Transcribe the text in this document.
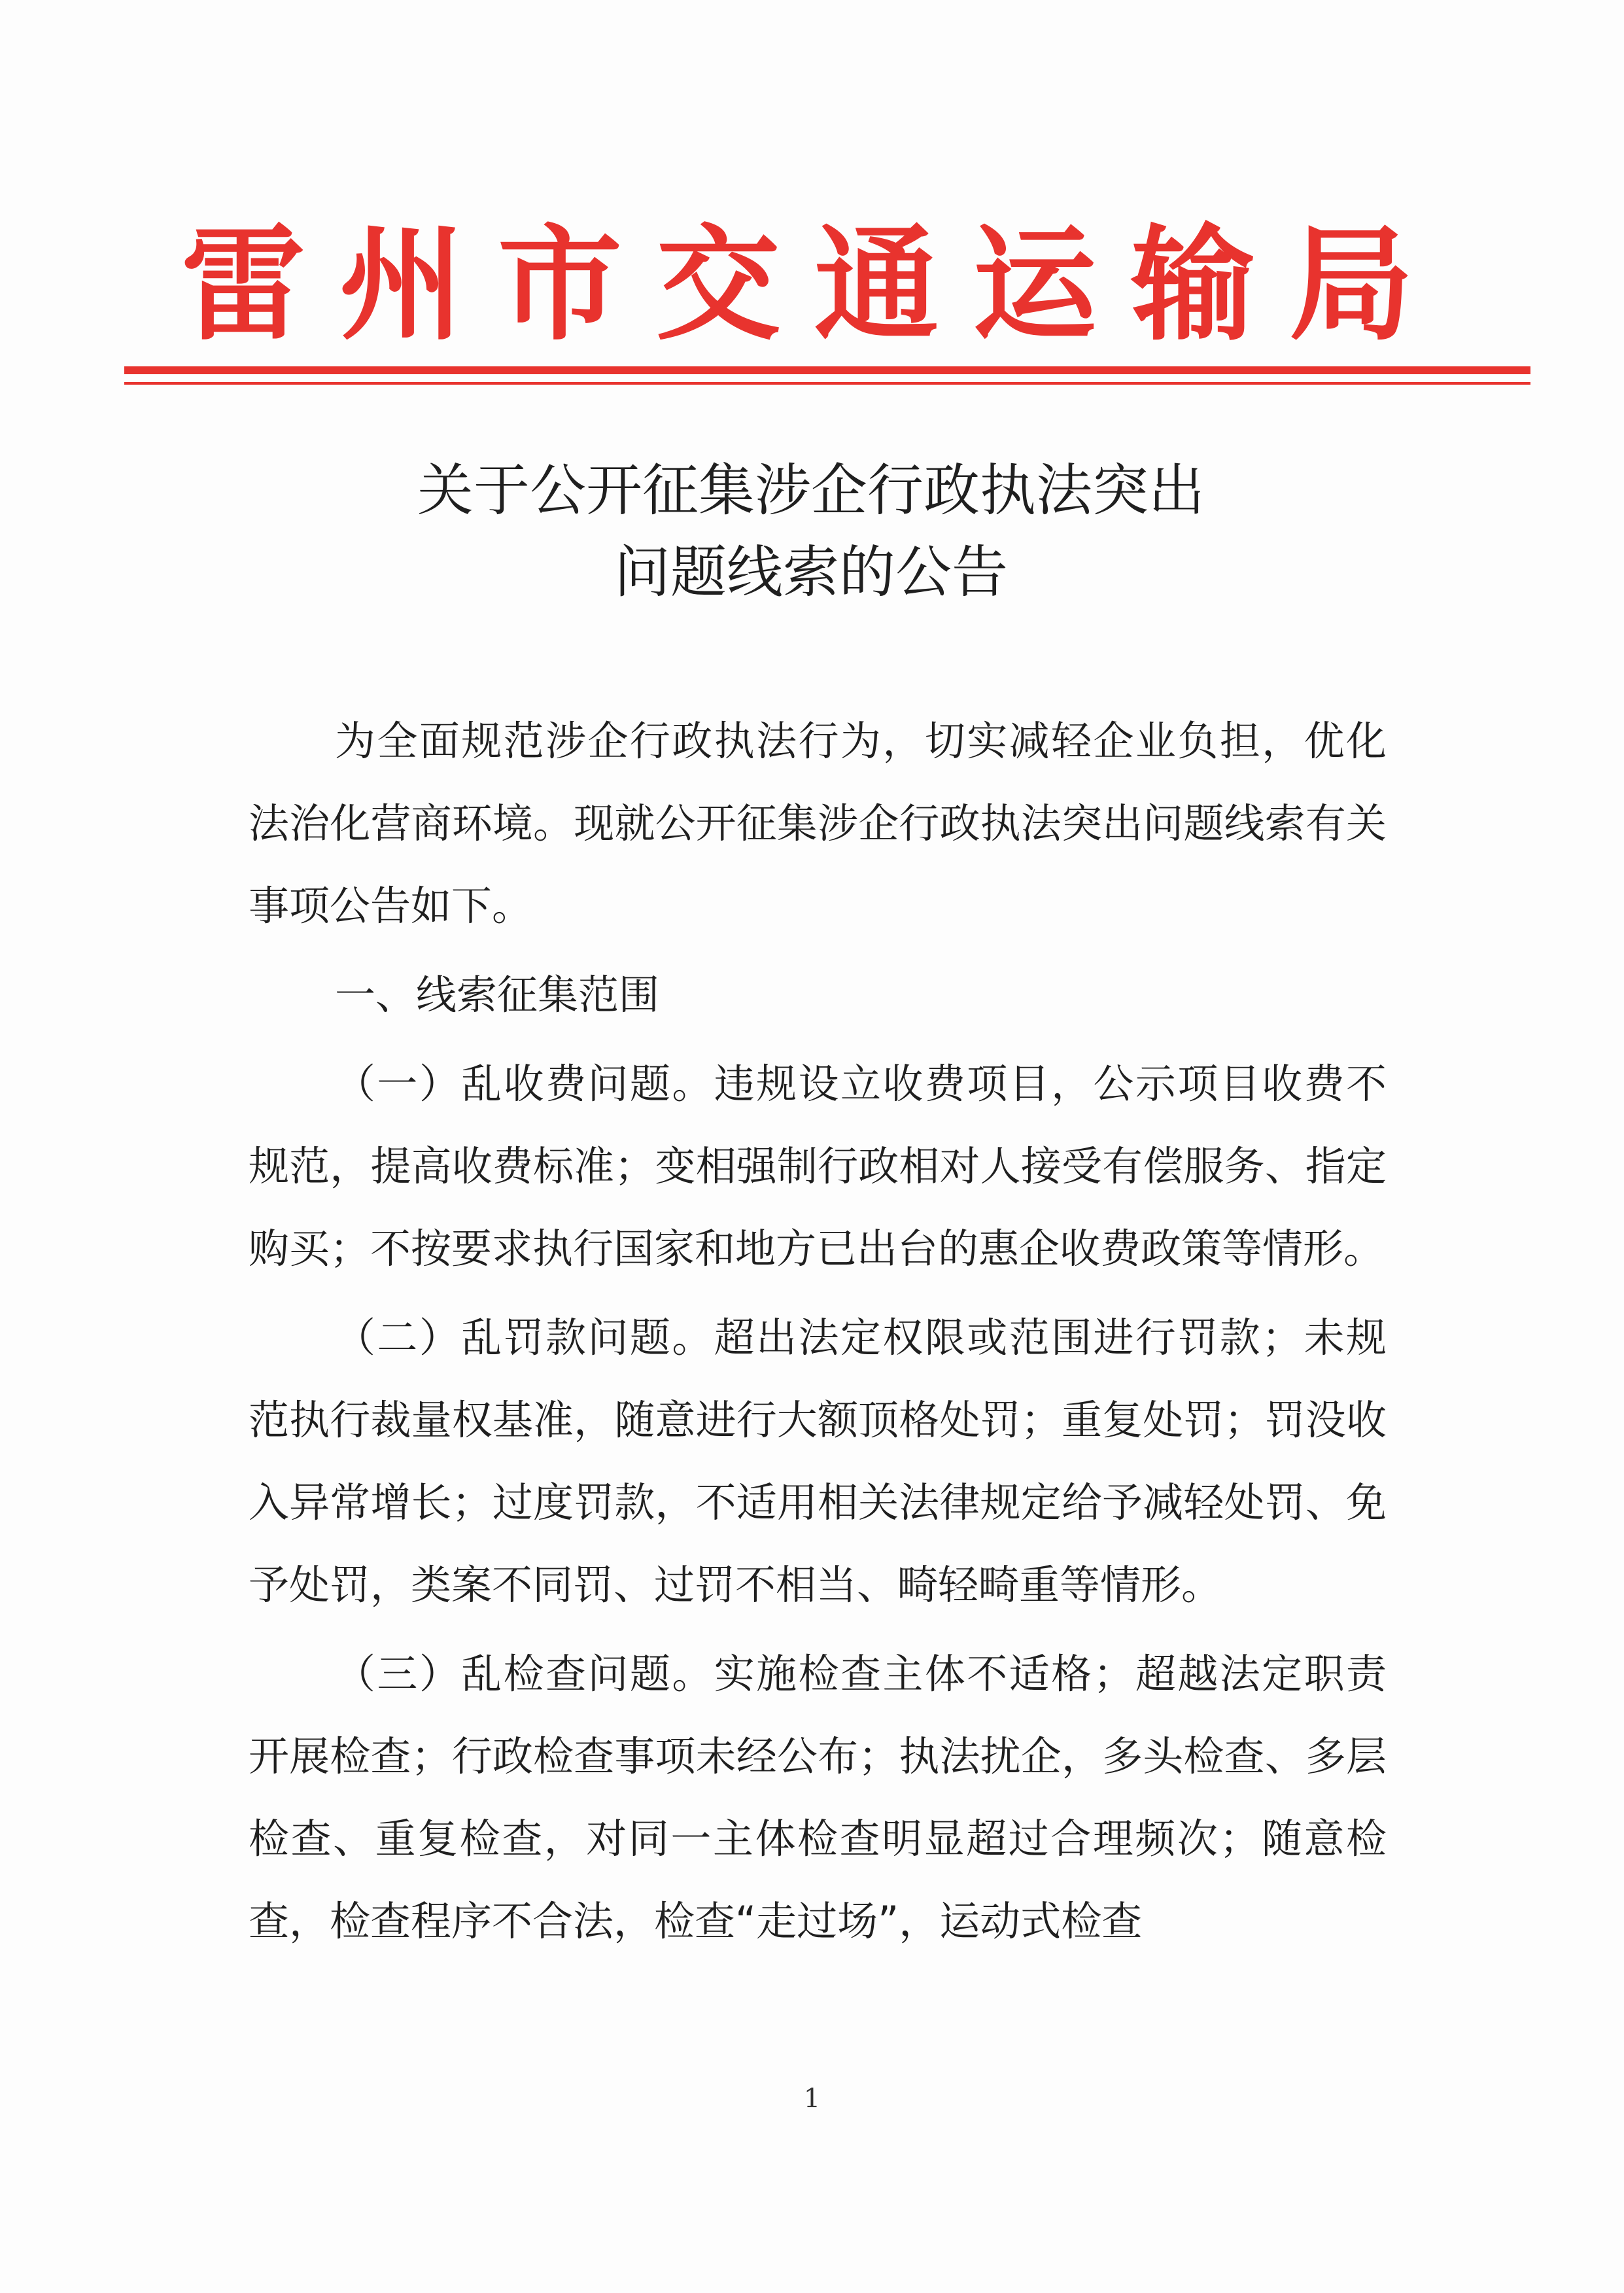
雷州市交通运输局
关于公开征集涉企行政执法突出
问题线索的公告

为全面规范涉企行政执法行为，切实减轻企业负担，优化法治化营商环境。现就公开征集涉企行政执法突出问题线索有关事项公告如下。

一、线索征集范围

（一）乱收费问题。违规设立收费项目，公示项目收费不规范，提高收费标准；变相强制行政相对人接受有偿服务、指定购买；不按要求执行国家和地方已出台的惠企收费政策等情形。

（二）乱罚款问题。超出法定权限或范围进行罚款；未规范执行裁量权基准，随意进行大额顶格处罚；重复处罚；罚没收入异常增长；过度罚款，不适用相关法律规定给予减轻处罚、免予处罚，类案不同罚、过罚不相当、畸轻畸重等情形。

（三）乱检查问题。实施检查主体不适格；超越法定职责开展检查；行政检查事项未经公布；执法扰企，多头检查、多层检查、重复检查，对同一主体检查明显超过合理频次；随意检查，检查程序不合法，检查“走过场”，运动式检查

1
